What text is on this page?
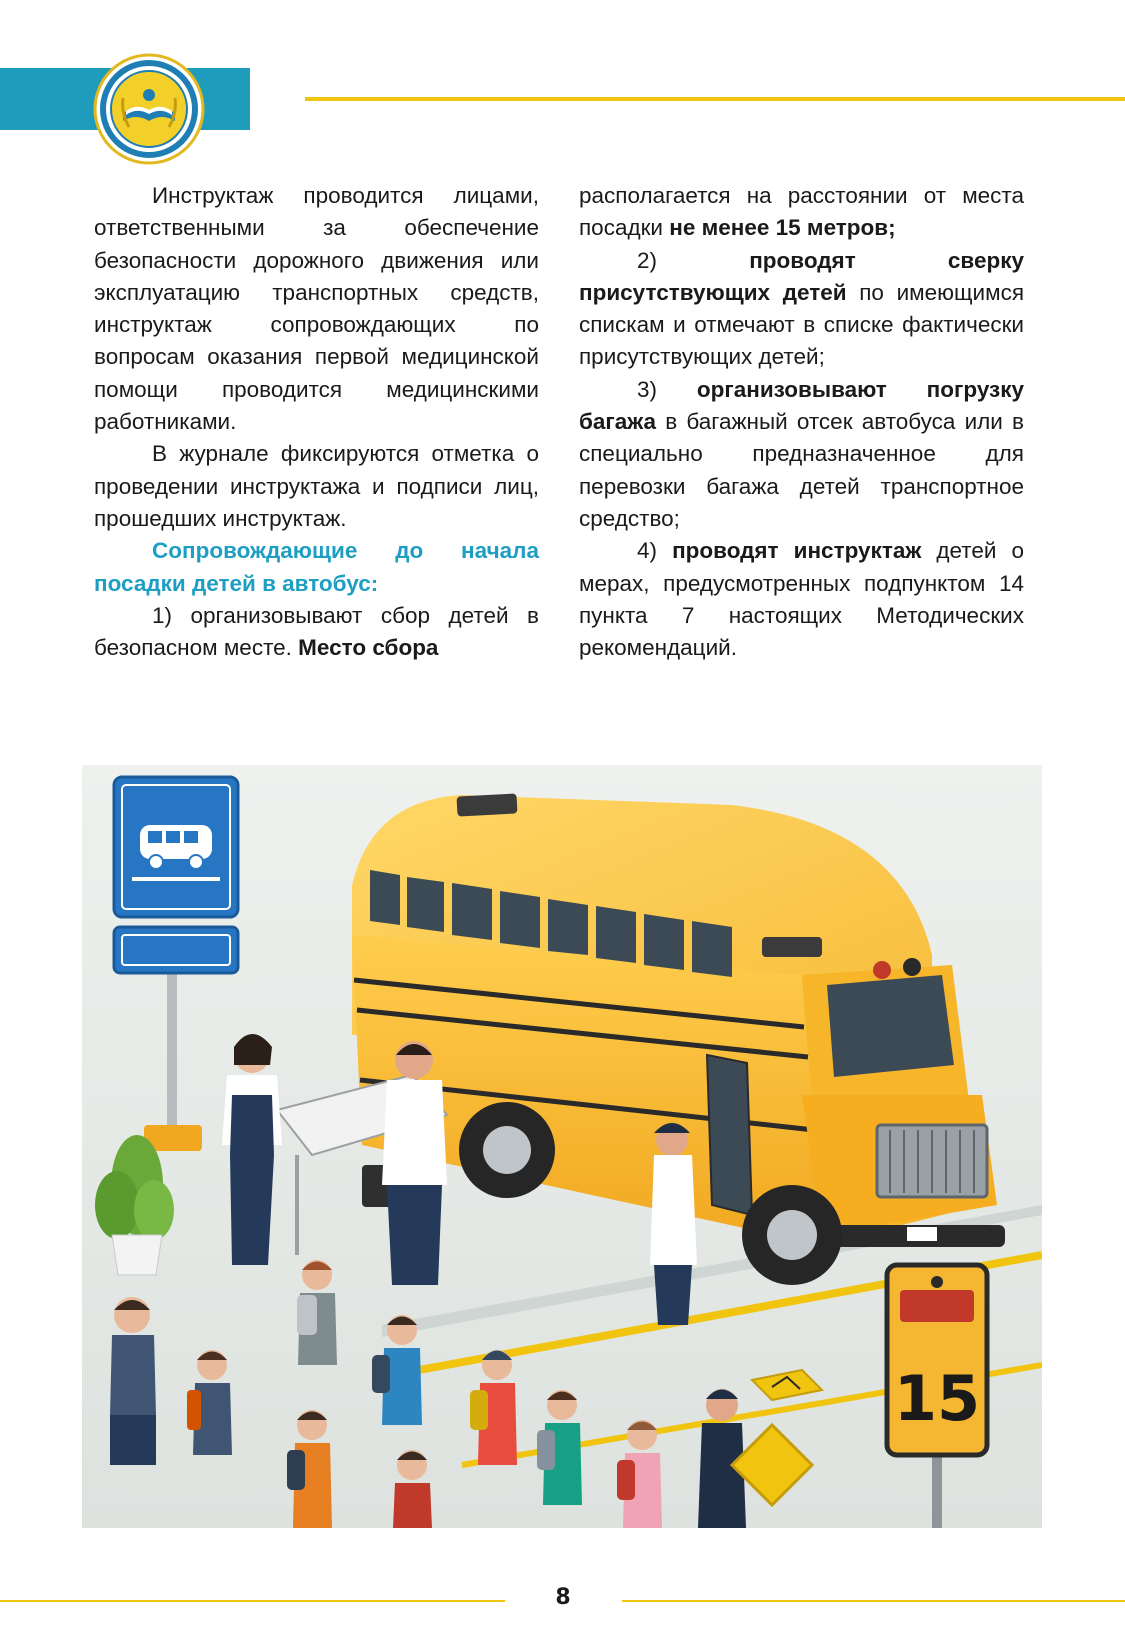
Инструктаж проводится лицами, ответственными за обеспечение безопасности дорожного движения или эксплуатацию транспортных средств, инструктаж сопровождающих по вопросам оказания первой медицинской помощи проводится медицинскими работниками.

В журнале фиксируются отметка о проведении инструктажа и подписи лиц, прошедших инструктаж.

Сопровождающие до начала посадки детей в автобус:

1) организовывают сбор детей в безопасном месте. Место сбора

располагается на расстоянии от места посадки не менее 15 метров;

2) проводят сверку присутствующих детей по имеющимся спискам и отмечают в списке фактически присутствующих детей;

3) организовывают погрузку багажа в багажный отсек автобуса или в специально предназначенное для перевозки багажа детей транспортное средство;

4) проводят инструктаж детей о мерах, предусмотренных подпунктом 14 пункта 7 настоящих Методических рекомендаций.

15
8
